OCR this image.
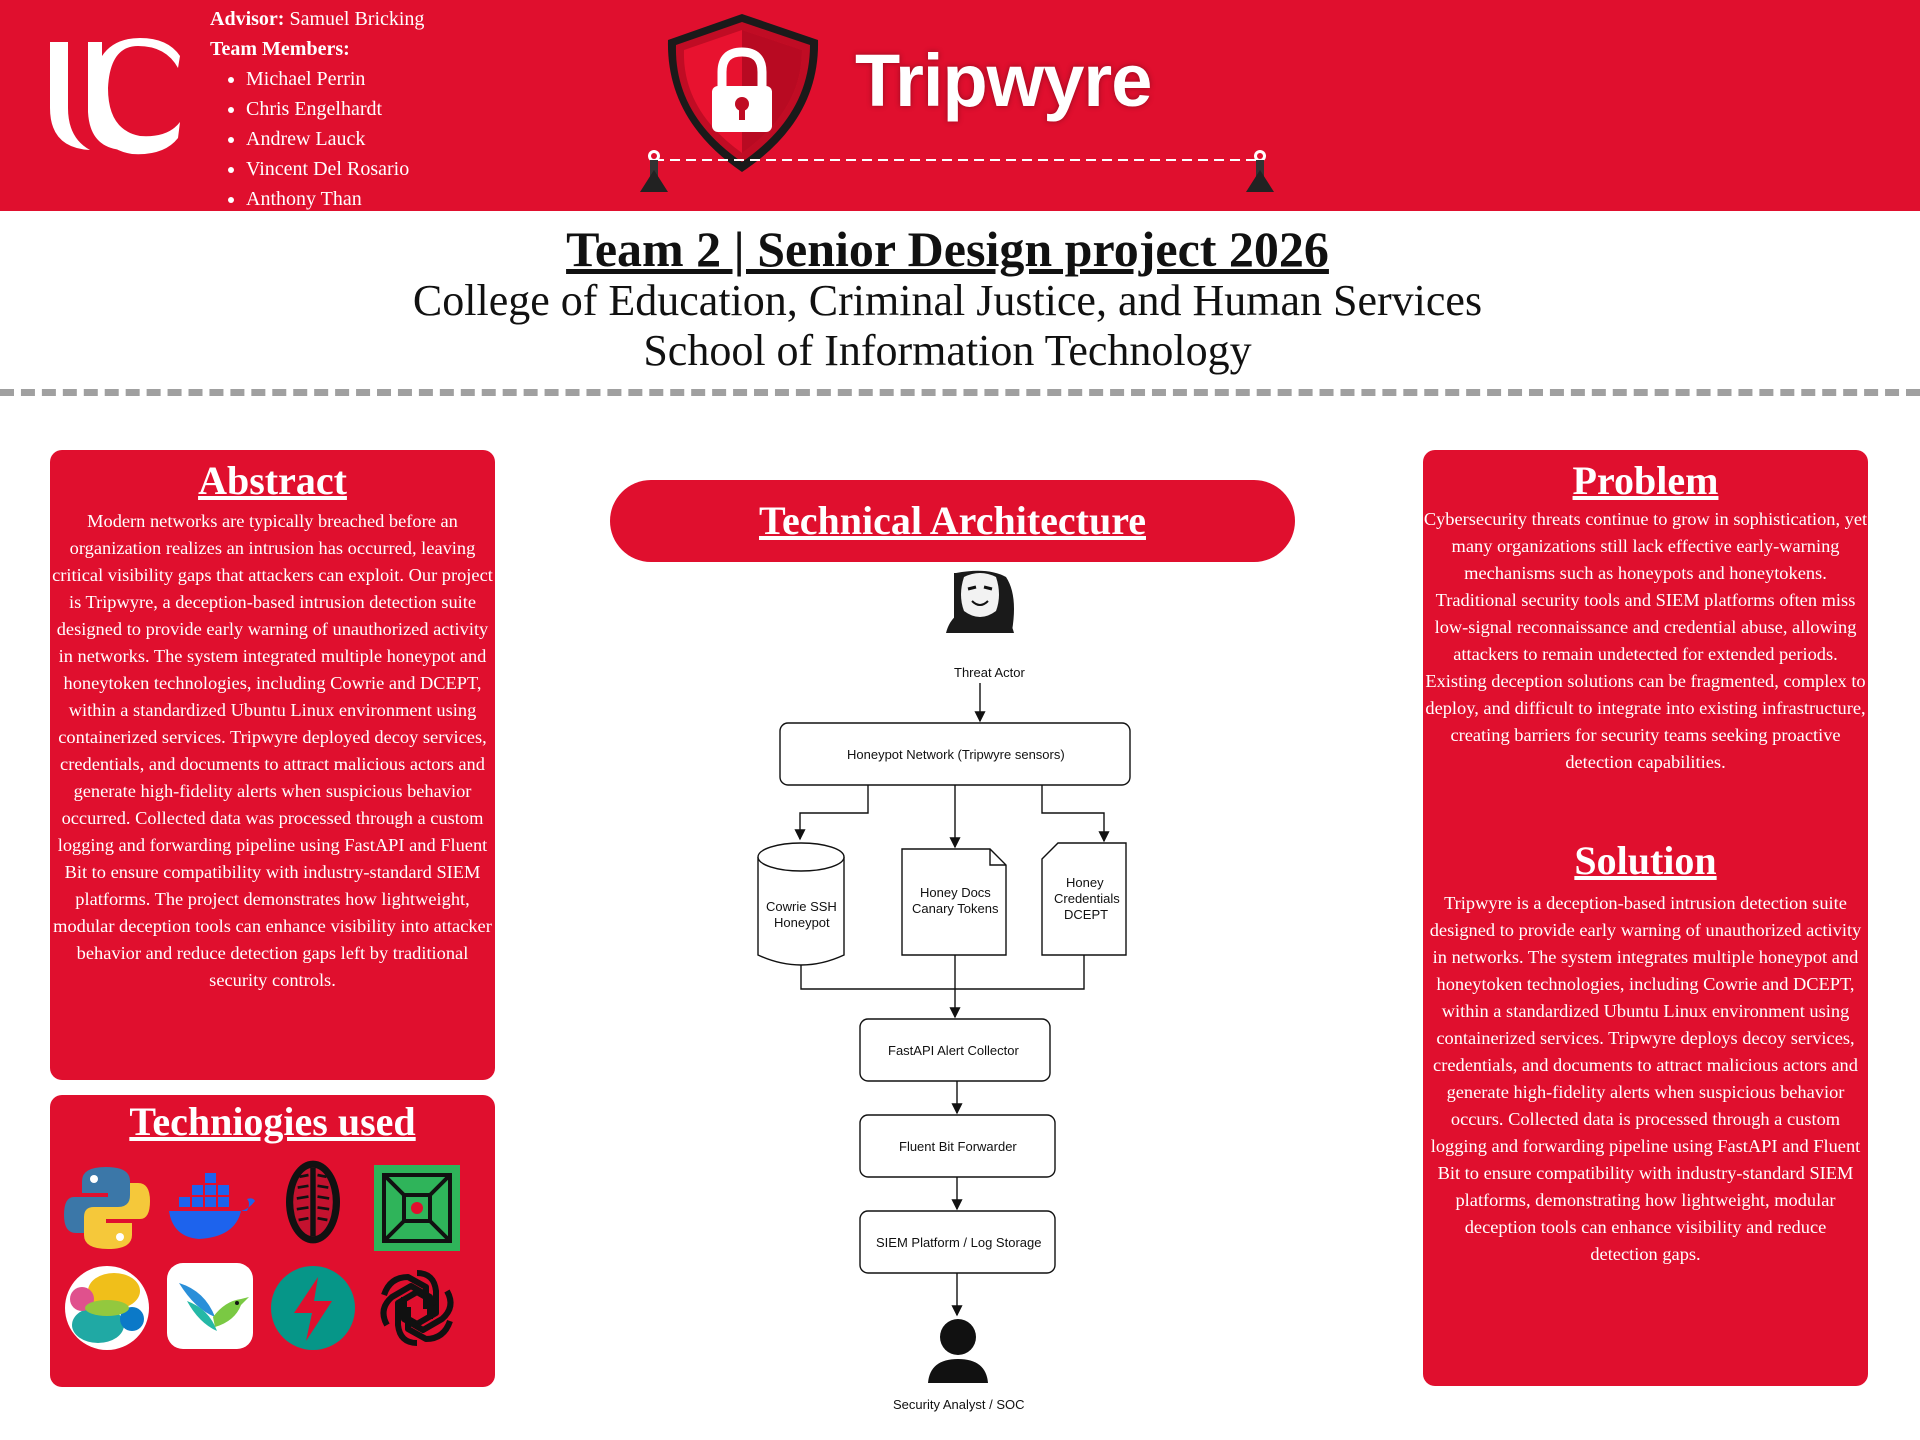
Advisor: Samuel Bricking
Team Members:
• Michael Perrin
• Chris Engelhardt
• Andrew Lauck
• Vincent Del Rosario
• Anthony Than
Tripwyre
Team 2 | Senior Design project 2026
College of Education, Criminal Justice, and Human Services
School of Information Technology
Abstract

Modern networks are typically breached before an organization realizes an intrusion has occurred, leaving critical visibility gaps that attackers can exploit. Our project is Tripwyre, a deception-based intrusion detection suite designed to provide early warning of unauthorized activity in networks. The system integrated multiple honeypot and honeytoken technologies, including Cowrie and DCEPT, within a standardized Ubuntu Linux environment using containerized services. Tripwyre deployed decoy services, credentials, and documents to attract malicious actors and generate high-fidelity alerts when suspicious behavior occurred. Collected data was processed through a custom logging and forwarding pipeline using FastAPI and Fluent Bit to ensure compatibility with industry-standard SIEM platforms. The project demonstrates how lightweight, modular deception tools can enhance visibility into attacker behavior and reduce detection gaps left by traditional security controls.

Techniogies used
Technical Architecture
Threat Actor
Honeypot Network (Tripwyre sensors)
Cowrie SSH
Honeypot
Honey Docs
Canary Tokens
Honey
Credentials
DCEPT
FastAPI Alert Collector
Fluent Bit Forwarder
SIEM Platform / Log Storage
Security Analyst / SOC
Problem

Cybersecurity threats continue to grow in sophistication, yet many organizations still lack effective early-warning mechanisms such as honeypots and honeytokens. Traditional security tools and SIEM platforms often miss low-signal reconnaissance and credential abuse, allowing attackers to remain undetected for extended periods. Existing deception solutions can be fragmented, complex to deploy, and difficult to integrate into existing infrastructure, creating barriers for security teams seeking proactive detection capabilities.

Solution

Tripwyre is a deception-based intrusion detection suite designed to provide early warning of unauthorized activity in networks. The system integrates multiple honeypot and honeytoken technologies, including Cowrie and DCEPT, within a standardized Ubuntu Linux environment using containerized services. Tripwyre deploys decoy services, credentials, and documents to attract malicious actors and generate high-fidelity alerts when suspicious behavior occurs. Collected data is processed through a custom logging and forwarding pipeline using FastAPI and Fluent Bit to ensure compatibility with industry-standard SIEM platforms, demonstrating how lightweight, modular deception tools can enhance visibility and reduce detection gaps.
